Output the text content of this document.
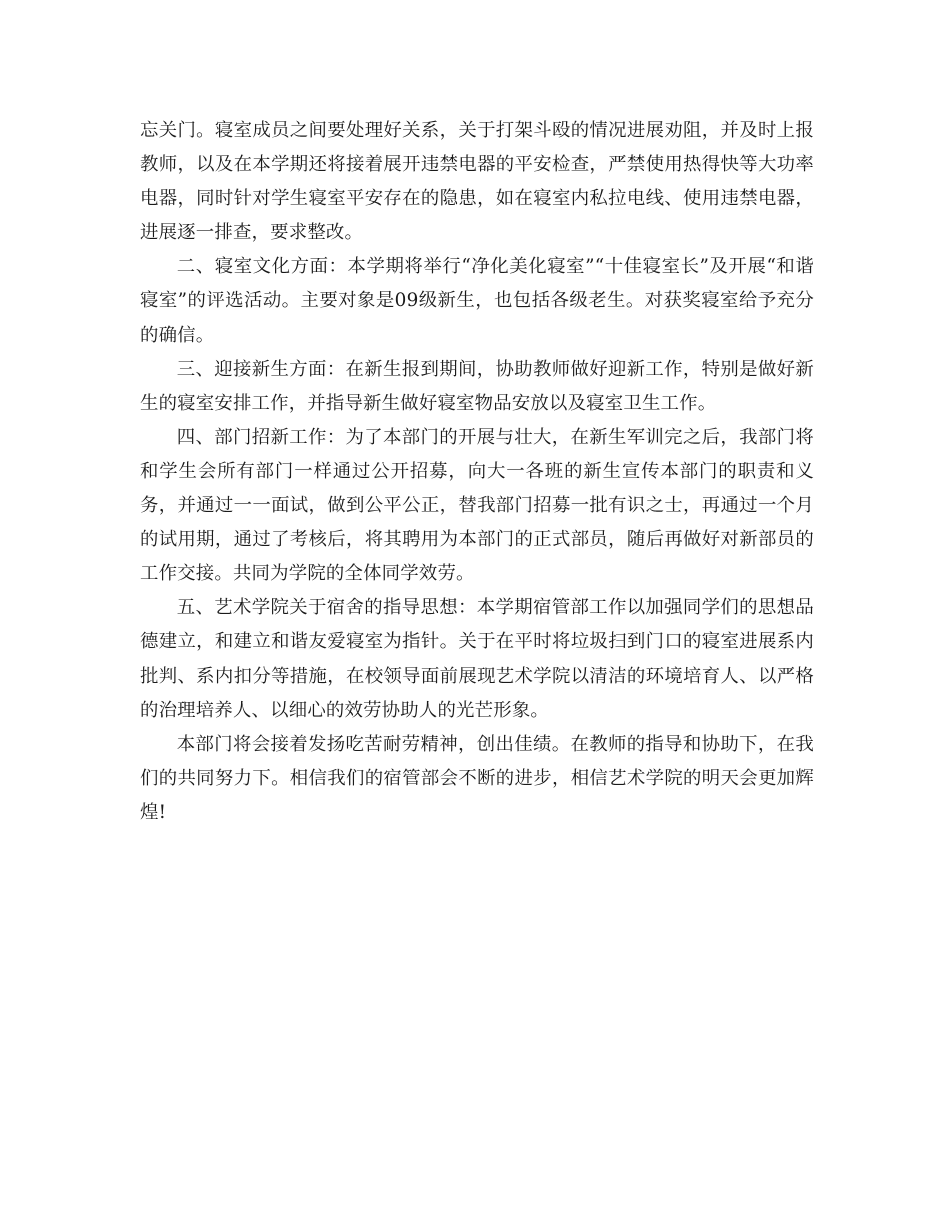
忘关门。寝室成员之间要处理好关系，关于打架斗殴的情况进展劝阻，并及时上报教师，以及在本学期还将接着展开违禁电器的平安检查，严禁使用热得快等大功率电器，同时针对学生寝室平安存在的隐患，如在寝室内私拉电线、使用违禁电器，进展逐一排查，要求整改。

二、寝室文化方面：本学期将举行“净化美化寝室”“十佳寝室长”及开展“和谐寝室”的评选活动。主要对象是09级新生，也包括各级老生。对获奖寝室给予充分的确信。

三、迎接新生方面：在新生报到期间，协助教师做好迎新工作，特别是做好新生的寝室安排工作，并指导新生做好寝室物品安放以及寝室卫生工作。

四、部门招新工作：为了本部门的开展与壮大，在新生军训完之后，我部门将和学生会所有部门一样通过公开招募，向大一各班的新生宣传本部门的职责和义务，并通过一一面试，做到公平公正，替我部门招募一批有识之士，再通过一个月的试用期，通过了考核后，将其聘用为本部门的正式部员，随后再做好对新部员的工作交接。共同为学院的全体同学效劳。

五、艺术学院关于宿舍的指导思想：本学期宿管部工作以加强同学们的思想品德建立，和建立和谐友爱寝室为指针。关于在平时将垃圾扫到门口的寝室进展系内批判、系内扣分等措施，在校领导面前展现艺术学院以清洁的环境培育人、以严格的治理培养人、以细心的效劳协助人的光芒形象。

本部门将会接着发扬吃苦耐劳精神，创出佳绩。在教师的指导和协助下，在我们的共同努力下。相信我们的宿管部会不断的进步，相信艺术学院的明天会更加辉煌!
